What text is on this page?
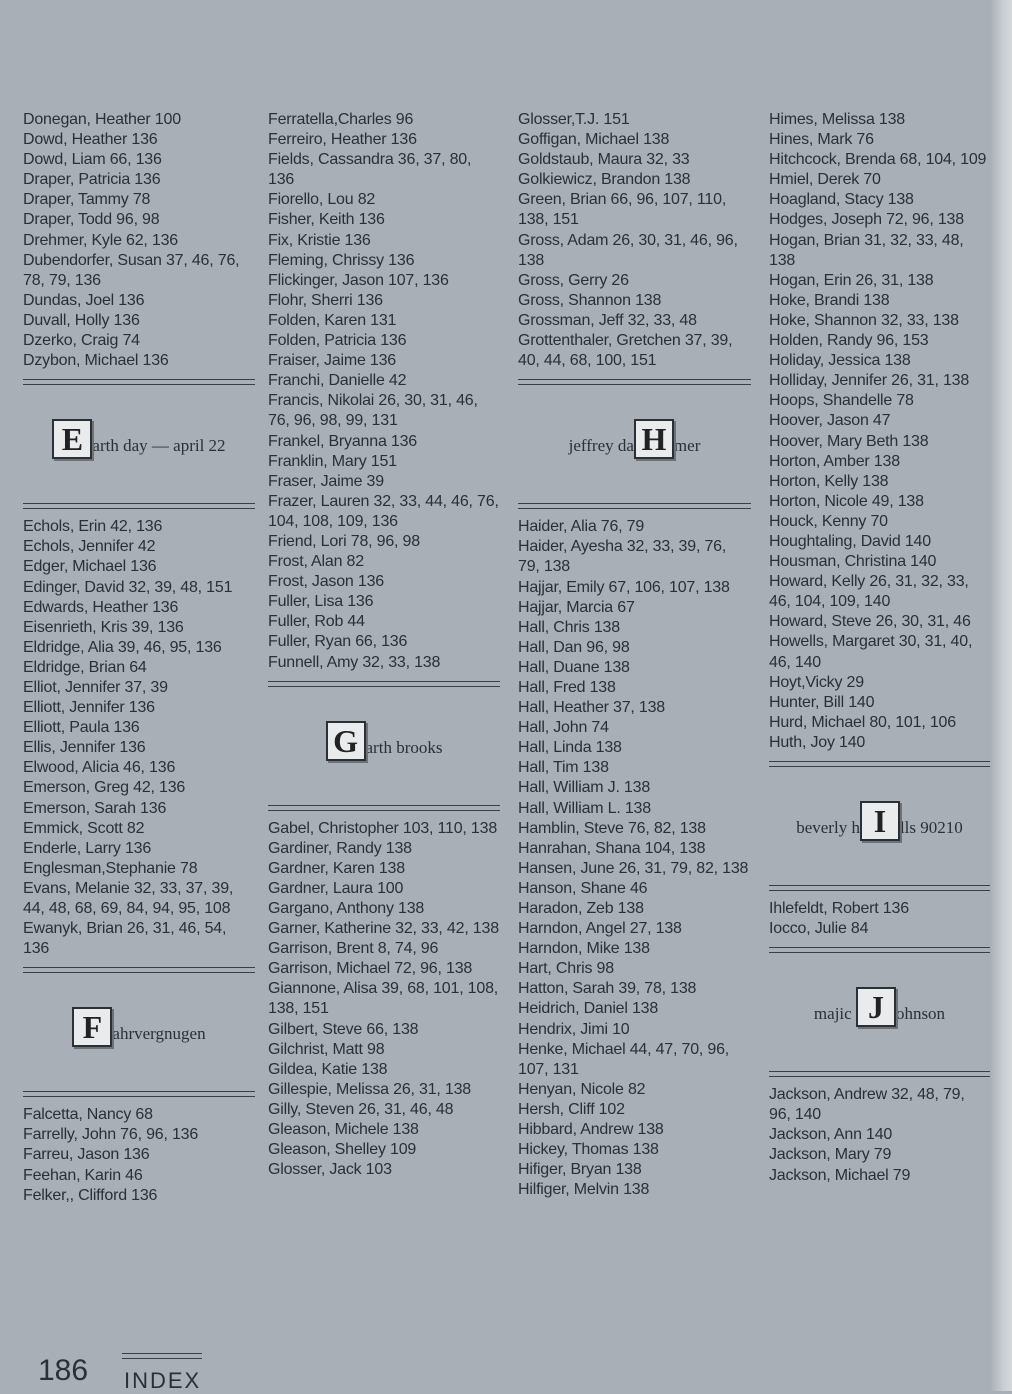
Donegan, Heather 100
Dowd, Heather 136
Dowd, Liam 66, 136
Draper, Patricia 136
Draper, Tammy 78
Draper, Todd 96, 98
Drehmer, Kyle 62, 136
Dubendorfer, Susan 37, 46, 76, 78, 79, 136
Dundas, Joel 136
Duvall, Holly 136
Dzerko, Craig 74
Dzybon, Michael 136
E arth day — april 22
Echols, Erin 42, 136
Echols, Jennifer 42
Edger, Michael 136
Edinger, David 32, 39, 48, 151
Edwards, Heather 136
Eisenrieth, Kris 39, 136
Eldridge, Alia 39, 46, 95, 136
Eldridge, Brian 64
Elliot, Jennifer 37, 39
Elliott, Jennifer 136
Elliott, Paula 136
Ellis, Jennifer 136
Elwood, Alicia 46, 136
Emerson, Greg 42, 136
Emerson, Sarah 136
Emmick, Scott 82
Enderle, Larry 136
Englesman,Stephanie 78
Evans, Melanie 32, 33, 37, 39, 44, 48, 68, 69, 84, 94, 95, 108
Ewanyk, Brian 26, 31, 46, 54, 136
F ahrvergnugen
Falcetta, Nancy 68
Farrelly, John 76, 96, 136
Farreu, Jason 136
Feehan, Karin 46
Felker,, Clifford 136
Ferratella,Charles 96
Ferreiro, Heather 136
Fields, Cassandra 36, 37, 80, 136
Fiorello, Lou 82
Fisher, Keith 136
Fix, Kristie 136
Fleming, Chrissy 136
Flickinger, Jason 107, 136
Flohr, Sherri 136
Folden, Karen 131
Folden, Patricia 136
Fraiser, Jaime 136
Franchi, Danielle 42
Francis, Nikolai 26, 30, 31, 46, 76, 96, 98, 99, 131
Frankel, Bryanna 136
Franklin, Mary 151
Fraser, Jaime 39
Frazer, Lauren 32, 33, 44, 46, 76, 104, 108, 109, 136
Friend, Lori 78, 96, 98
Frost, Alan 82
Frost, Jason 136
Fuller, Lisa 136
Fuller, Rob 44
Fuller, Ryan 66, 136
Funnell, Amy 32, 33, 138
G arth brooks
Gabel, Christopher 103, 110, 138
Gardiner, Randy 138
Gardner, Karen 138
Gardner, Laura 100
Gargano, Anthony 138
Garner, Katherine 32, 33, 42, 138
Garrison, Brent 8, 74, 96
Garrison, Michael 72, 96, 138
Giannone, Alisa 39, 68, 101, 108, 138, 151
Gilbert, Steve 66, 138
Gilchrist, Matt 98
Gildea, Katie 138
Gillespie, Melissa 26, 31, 138
Gilly, Steven 26, 31, 46, 48
Gleason, Michele 138
Gleason, Shelley 109
Glosser, Jack 103
Glosser,T.J. 151
Goffigan, Michael 138
Goldstaub, Maura 32, 33
Golkiewicz, Brandon 138
Green, Brian 66, 96, 107, 110, 138, 151
Gross, Adam 26, 30, 31, 46, 96, 138
Gross, Gerry 26
Gross, Shannon 138
Grossman, Jeff 32, 33, 48
Grottenthaler, Gretchen 37, 39, 40, 44, 68, 100, 151
jeffrey da H mer
Haider, Alia 76, 79
Haider, Ayesha 32, 33, 39, 76, 79, 138
Hajjar, Emily 67, 106, 107, 138
Hajjar, Marcia 67
Hall, Chris 138
Hall, Dan 96, 98
Hall, Duane 138
Hall, Fred 138
Hall, Heather 37, 138
Hall, John 74
Hall, Linda 138
Hall, Tim 138
Hall, William J. 138
Hall, William L. 138
Hamblin, Steve 76, 82, 138
Hanrahan, Shana 104, 138
Hansen, June 26, 31, 79, 82, 138
Hanson, Shane 46
Haradon, Zeb 138
Harndon, Angel 27, 138
Harndon, Mike 138
Hart, Chris 98
Hatton, Sarah 39, 78, 138
Heidrich, Daniel 138
Hendrix, Jimi 10
Henke, Michael 44, 47, 70, 96, 107, 131
Henyan, Nicole 82
Hersh, Cliff 102
Hibbard, Andrew 138
Hickey, Thomas 138
Hifiger, Bryan 138
Hilfiger, Melvin 138
Himes, Melissa 138
Hines, Mark 76
Hitchcock, Brenda 68, 104, 109
Hmiel, Derek 70
Hoagland, Stacy 138
Hodges, Joseph 72, 96, 138
Hogan, Brian 31, 32, 33, 48, 138
Hogan, Erin 26, 31, 138
Hoke, Brandi 138
Hoke, Shannon 32, 33, 138
Holden, Randy 96, 153
Holiday, Jessica 138
Holliday, Jennifer 26, 31, 138
Hoops, Shandelle 78
Hoover, Jason 47
Hoover, Mary Beth 138
Horton, Amber 138
Horton, Kelly 138
Horton, Nicole 49, 138
Houck, Kenny 70
Houghtaling, David 140
Housman, Christina 140
Howard, Kelly 26, 31, 32, 33, 46, 104, 109, 140
Howard, Steve 26, 30, 31, 46
Howells, Margaret 30, 31, 40, 46, 140
Hoyt,Vicky 29
Hunter, Bill 140
Hurd, Michael 80, 101, 106
Huth, Joy 140
beverly h I lls 90210
Ihlefeldt, Robert 136
Iocco, Julie 84
majic J ohnson
Jackson, Andrew 32, 48, 79, 96, 140
Jackson, Ann 140
Jackson, Mary 79
Jackson, Michael 79
186 INDEX
